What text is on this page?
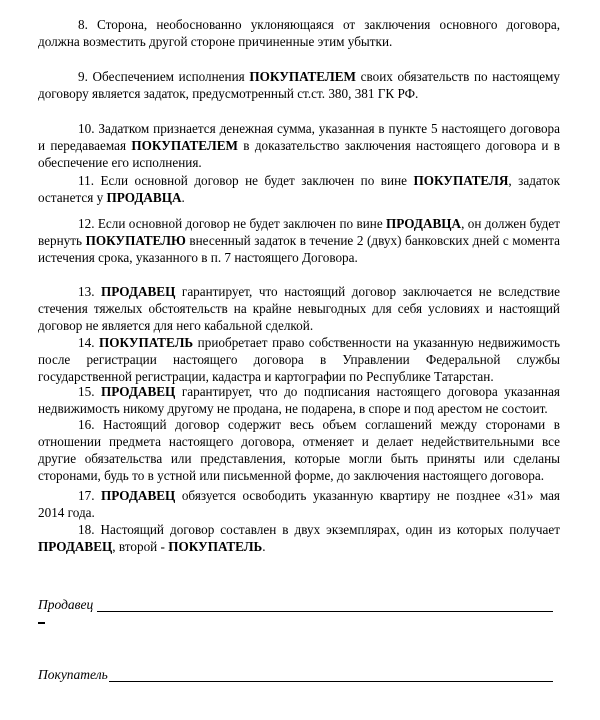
8. Сторона, необоснованно уклоняющаяся от заключения основного договора, должна возместить другой стороне причиненные этим убытки.
9. Обеспечением исполнения ПОКУПАТЕЛЕМ своих обязательств по настоящему договору является задаток, предусмотренный ст.ст. 380, 381 ГК РФ.
10. Задатком признается денежная сумма, указанная в пункте 5 настоящего договора и передаваемая ПОКУПАТЕЛЕМ в доказательство заключения настоящего договора и в обеспечение его исполнения.
11. Если основной договор не будет заключен по вине ПОКУПАТЕЛЯ, задаток останется у ПРОДАВЦА.
12. Если основной договор не будет заключен по вине ПРОДАВЦА, он должен будет вернуть ПОКУПАТЕЛЮ внесенный задаток в течение 2 (двух) банковских дней с момента истечения срока, указанного в п. 7 настоящего Договора.
13. ПРОДАВЕЦ гарантирует, что настоящий договор заключается не вследствие стечения тяжелых обстоятельств на крайне невыгодных для себя условиях и настоящий договор не является для него кабальной сделкой.
14. ПОКУПАТЕЛЬ приобретает право собственности на указанную недвижимость после регистрации настоящего договора в Управлении Федеральной службы государственной регистрации, кадастра и картографии по Республике Татарстан.
15. ПРОДАВЕЦ гарантирует, что до подписания настоящего договора указанная недвижимость никому другому не продана, не подарена, в споре и под арестом не состоит.
16. Настоящий договор содержит весь объем соглашений между сторонами в отношении предмета настоящего договора, отменяет и делает недействительными все другие обязательства или представления, которые могли быть приняты или сделаны сторонами, будь то в устной или письменной форме, до заключения настоящего договора.
17. ПРОДАВЕЦ обязуется освободить указанную квартиру не позднее «31» мая 2014 года.
18. Настоящий договор составлен в двух экземплярах, один из которых получает ПРОДАВЕЦ, второй - ПОКУПАТЕЛЬ.
Продавец
Покупатель
